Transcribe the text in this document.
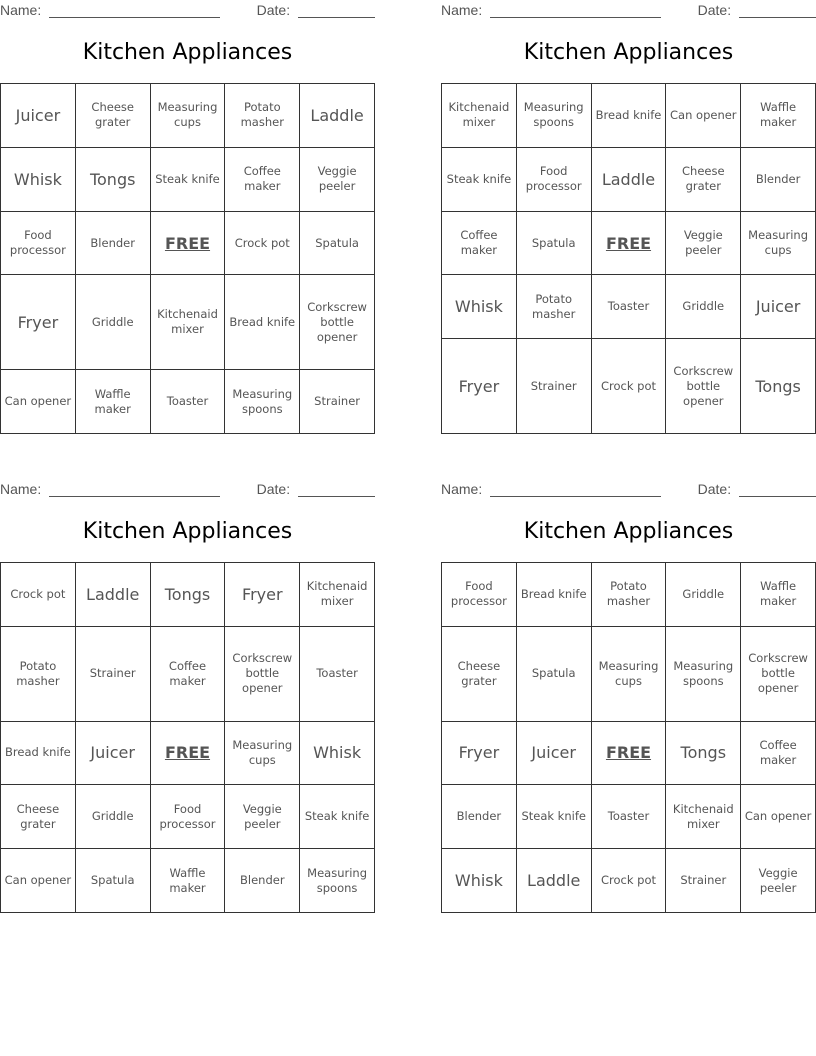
Name:	Date:
Kitchen Appliances
Juicer	Cheese grater	Measuring cups	Potato masher	Laddle
Whisk	Tongs	Steak knife	Coffee maker	Veggie peeler
Food processor	Blender	FREE	Crock pot	Spatula
Fryer	Griddle	Kitchenaid mixer	Bread knife	Corkscrew bottle opener
Can opener	Waffle maker	Toaster	Measuring spoons	Strainer
Name:	Date:
Kitchen Appliances
Kitchenaid mixer	Measuring spoons	Bread knife	Can opener	Waffle maker
Steak knife	Food processor	Laddle	Cheese grater	Blender
Coffee maker	Spatula	FREE	Veggie peeler	Measuring cups
Whisk	Potato masher	Toaster	Griddle	Juicer
Fryer	Strainer	Crock pot	Corkscrew bottle opener	Tongs
Name:	Date:
Kitchen Appliances
Crock pot	Laddle	Tongs	Fryer	Kitchenaid mixer
Potato masher	Strainer	Coffee maker	Corkscrew bottle opener	Toaster
Bread knife	Juicer	FREE	Measuring cups	Whisk
Cheese grater	Griddle	Food processor	Veggie peeler	Steak knife
Can opener	Spatula	Waffle maker	Blender	Measuring spoons
Name:	Date:
Kitchen Appliances
Food processor	Bread knife	Potato masher	Griddle	Waffle maker
Cheese grater	Spatula	Measuring cups	Measuring spoons	Corkscrew bottle opener
Fryer	Juicer	FREE	Tongs	Coffee maker
Blender	Steak knife	Toaster	Kitchenaid mixer	Can opener
Whisk	Laddle	Crock pot	Strainer	Veggie peeler
